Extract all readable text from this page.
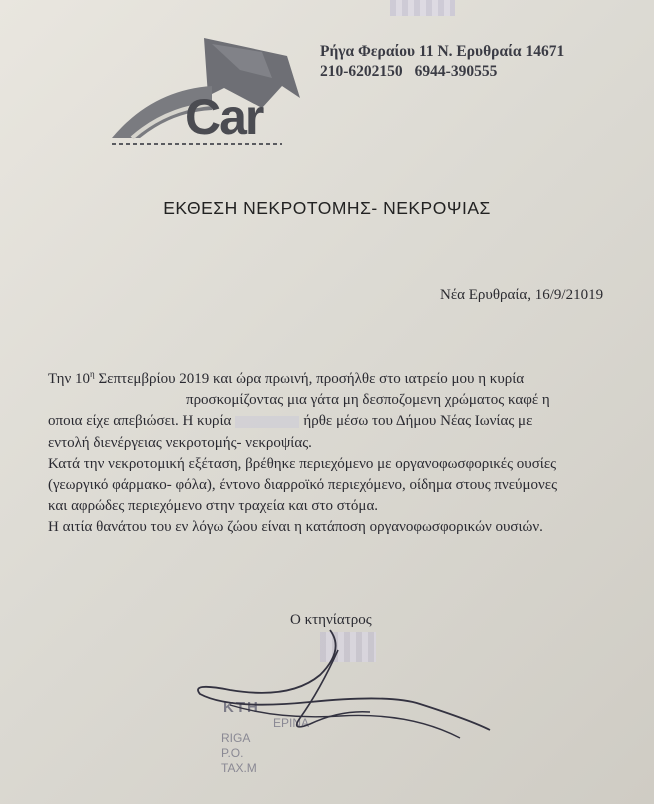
Car
Ρήγα Φεραίου 11 Ν. Ερυθραία 14671
210-6202150 6944-390555
ΕΚΘΕΣΗ ΝΕΚΡΟΤΟΜΗΣ- ΝΕΚΡΟΨΙΑΣ
Νέα Ερυθραία, 16/9/21019
Την $10^\eta$ Σεπτεμβρίου 2019 και ώρα πρωινή, προσήλθε στο ιατρείο μου η κυρία
προσκομίζοντας μια γάτα μη δεσποζομενη χρώματος καφέ η
οποια είχε απεβιώσει. Η κυρία	ήρθε μέσω του Δήμου Νέας Ιωνίας με
εντολή διενέργειας νεκροτομής- νεκροψίας.
Κατά την νεκροτομική εξέταση, βρέθηκε περιεχόμενο με οργανοφωσφορικές ουσίες
(γεωργικό φάρμακο- φόλα), έντονο διαρροϊκό περιεχόμενο, οίδημα στους πνεύμονες
και αφρώδες περιεχόμενο στην τραχεία και στο στόμα.
Η αιτία θανάτου του εν λόγω ζώου είναι η κατάποση οργανοφωσφορικών ουσιών.
Ο κτηνίατρος
ΚΤΗ
ΕΡΙΝΑ
RIGA
P.O.
TAX.M
